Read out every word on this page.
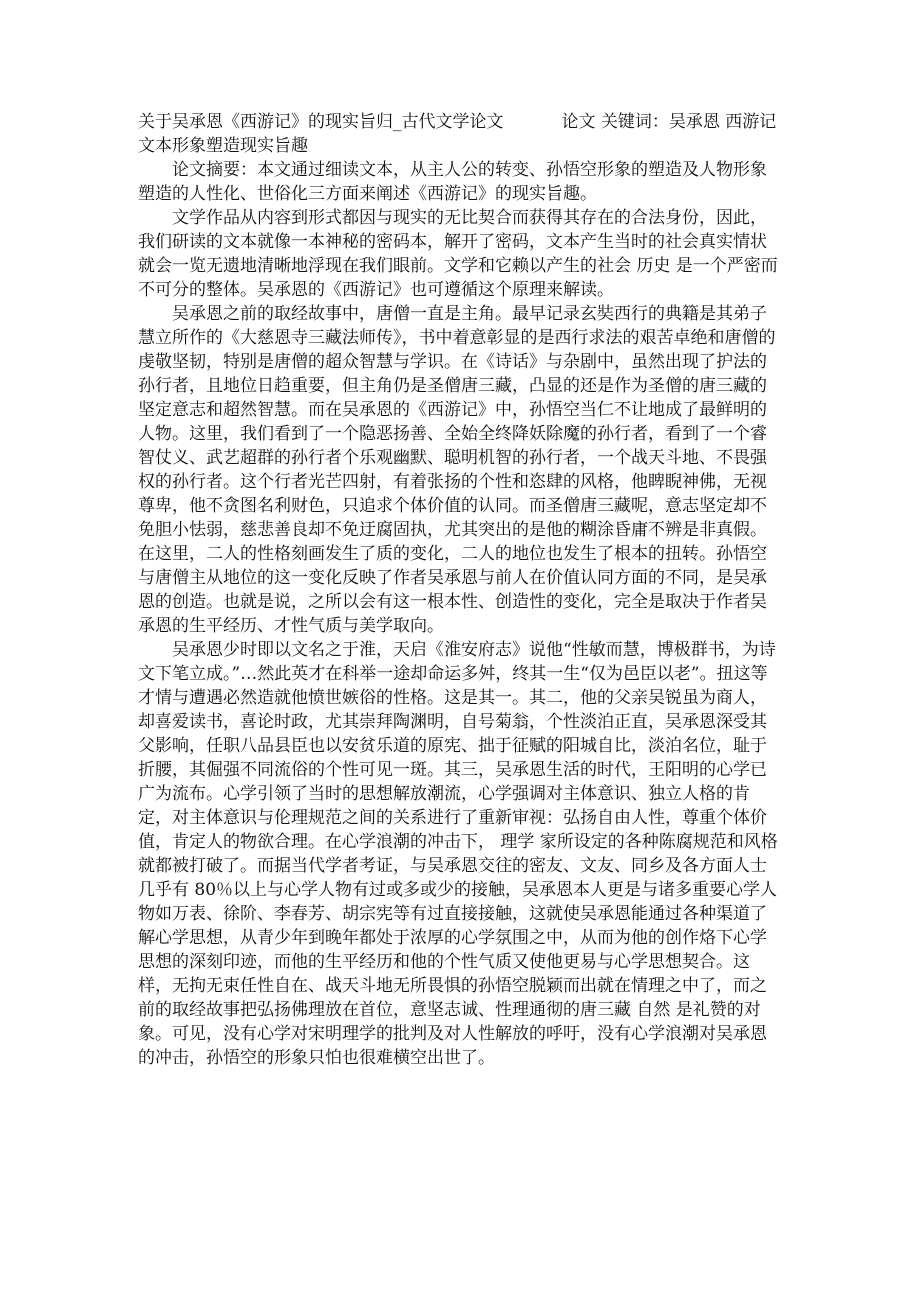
关于吴承恩《西游记》的现实旨归_古代文学论文	论文 关键词：吴承恩 西游记文本形象塑造现实旨趣

论文摘要：本文通过细读文本，从主人公的转变、孙悟空形象的塑造及人物形象塑造的人性化、世俗化三方面来阐述《西游记》的现实旨趣。

文学作品从内容到形式都因与现实的无比契合而获得其存在的合法身份，因此，我们研读的文本就像一本神秘的密码本，解开了密码，文本产生当时的社会真实情状就会一览无遗地清晰地浮现在我们眼前。文学和它赖以产生的社会 历史 是一个严密而不可分的整体。吴承恩的《西游记》也可遵循这个原理来解读。

吴承恩之前的取经故事中，唐僧一直是主角。最早记录玄奘西行的典籍是其弟子慧立所作的《大慈恩寺三藏法师传》，书中着意彰显的是西行求法的艰苦卓绝和唐僧的虔敬坚韧，特别是唐僧的超众智慧与学识。在《诗话》与杂剧中，虽然出现了护法的孙行者，且地位日趋重要，但主角仍是圣僧唐三藏，凸显的还是作为圣僧的唐三藏的坚定意志和超然智慧。而在吴承恩的《西游记》中，孙悟空当仁不让地成了最鲜明的人物。这里，我们看到了一个隐恶扬善、全始全终降妖除魔的孙行者，看到了一个睿智仗义、武艺超群的孙行者个乐观幽默、聪明机智的孙行者，一个战天斗地、不畏强权的孙行者。这个行者光芒四射，有着张扬的个性和恣肆的风格，他睥睨神佛，无视尊卑，他不贪图名利财色，只追求个体价值的认同。而圣僧唐三藏呢，意志坚定却不免胆小怯弱，慈悲善良却不免迂腐固执，尤其突出的是他的糊涂昏庸不辨是非真假。在这里，二人的性格刻画发生了质的变化，二人的地位也发生了根本的扭转。孙悟空与唐僧主从地位的这一变化反映了作者吴承恩与前人在价值认同方面的不同，是吴承恩的创造。也就是说，之所以会有这一根本性、创造性的变化，完全是取决于作者吴承恩的生平经历、才性气质与美学取向。

吴承恩少时即以文名之于淮，天启《淮安府志》说他“性敏而慧，博极群书，为诗文下笔立成。”…然此英才在科举一途却命运多舛，终其一生“仅为邑臣以老”。扭这等才情与遭遇必然造就他愤世嫉俗的性格。这是其一。其二，他的父亲吴锐虽为商人，却喜爱读书，喜论时政，尤其崇拜陶渊明，自号菊翁，个性淡泊正直，吴承恩深受其父影响，任职八品县臣也以安贫乐道的原宪、拙于征赋的阳城自比，淡泊名位，耻于折腰，其倔强不同流俗的个性可见一斑。其三，吴承恩生活的时代，王阳明的心学已广为流布。心学引领了当时的思想解放潮流，心学强调对主体意识、独立人格的肯定，对主体意识与伦理规范之间的关系进行了重新审视：弘扬自由人性，尊重个体价值，肯定人的物欲合理。在心学浪潮的冲击下， 理学 家所设定的各种陈腐规范和风格就都被打破了。而据当代学者考证，与吴承恩交往的密友、文友、同乡及各方面人士几乎有 80％以上与心学人物有过或多或少的接触，吴承恩本人更是与诸多重要心学人物如万表、徐阶、李春芳、胡宗宪等有过直接接触，这就使吴承恩能通过各种渠道了解心学思想，从青少年到晚年都处于浓厚的心学氛围之中，从而为他的创作烙下心学思想的深刻印迹，而他的生平经历和他的个性气质又使他更易与心学思想契合。这样，无拘无束任性自在、战天斗地无所畏惧的孙悟空脱颖而出就在情理之中了，而之前的取经故事把弘扬佛理放在首位，意坚志诚、性理通彻的唐三藏 自然 是礼赞的对象。可见，没有心学对宋明理学的批判及对人性解放的呼吁，没有心学浪潮对吴承恩的冲击，孙悟空的形象只怕也很难横空出世了。
